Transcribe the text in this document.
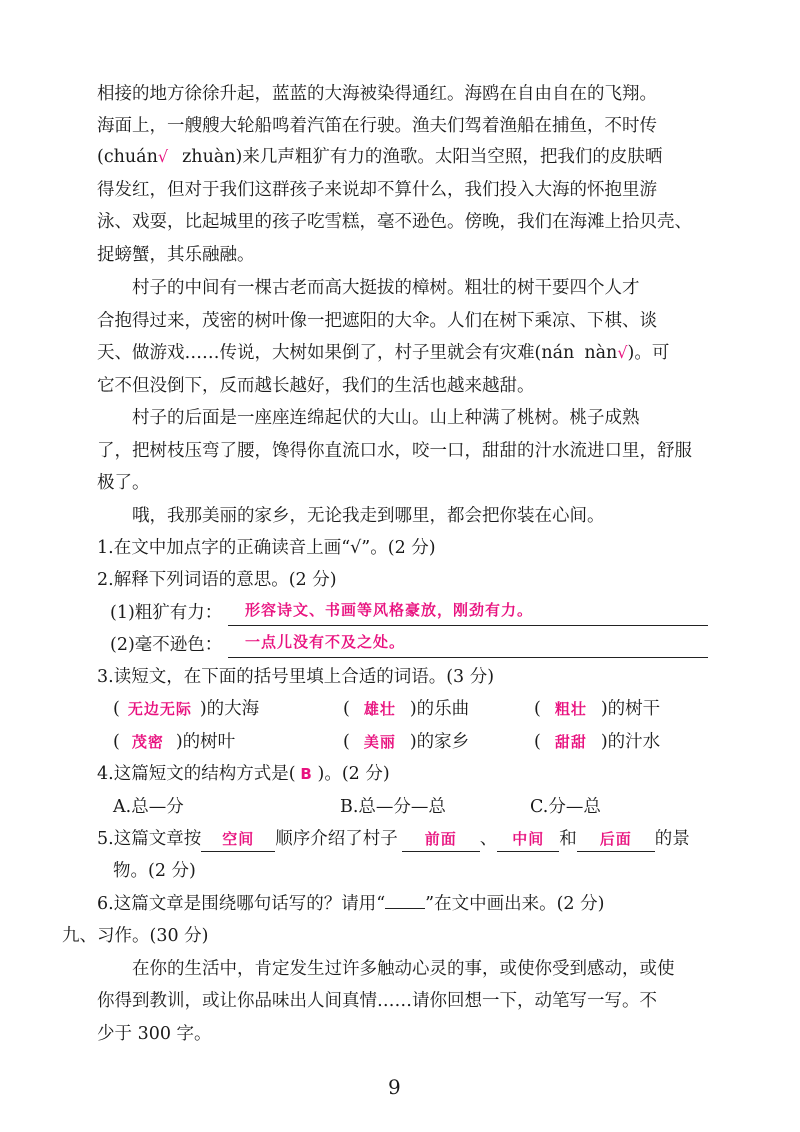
相接的地方徐徐升起，蓝蓝的大海被染得通红。海鸥在自由自在的飞翔。
海面上，一艘艘大轮船鸣着汽笛在行驶。渔夫们驾着渔船在捕鱼，不时传
(chuán√ zhuàn)来几声粗犷有力的渔歌。太阳当空照，把我们的皮肤晒
得发红，但对于我们这群孩子来说却不算什么，我们投入大海的怀抱里游
泳、戏耍，比起城里的孩子吃雪糕，毫不逊色。傍晚，我们在海滩上拾贝壳、
捉螃蟹，其乐融融。
村子的中间有一棵古老而高大挺拔的樟树。粗壮的树干要四个人才
合抱得过来，茂密的树叶像一把遮阳的大伞。人们在树下乘凉、下棋、谈
天、做游戏……传说，大树如果倒了，村子里就会有灾难(nán nàn√)。可
它不但没倒下，反而越长越好，我们的生活也越来越甜。
村子的后面是一座座连绵起伏的大山。山上种满了桃树。桃子成熟
了，把树枝压弯了腰，馋得你直流口水，咬一口，甜甜的汁水流进口里，舒服
极了。
哦，我那美丽的家乡，无论我走到哪里，都会把你装在心间。
1.在文中加点字的正确读音上画“√”。(2 分)
2.解释下列词语的意思。(2 分)
(1)粗犷有力： 形容诗文、书画等风格豪放，刚劲有力。
(2)毫不逊色： 一点儿没有不及之处。
3.读短文，在下面的括号里填上合适的词语。(3 分)
( 无边无际 )的大海	( 雄壮 )的乐曲	( 粗壮 )的树干
( 茂密 )的树叶	( 美丽 )的家乡	( 甜甜 )的汁水
4.这篇短文的结构方式是( B )。(2 分)
A.总—分	B.总—分—总	C.分—总
5.这篇文章按 空间 顺序介绍了村子 前面 、 中间 和 后面 的景
物。(2 分)
6.这篇文章是围绕哪句话写的？请用“ ”在文中画出来。(2 分)
九、习作。(30 分)
在你的生活中，肯定发生过许多触动心灵的事，或使你受到感动，或使
你得到教训，或让你品味出人间真情……请你回想一下，动笔写一写。不
少于 300 字。
9
